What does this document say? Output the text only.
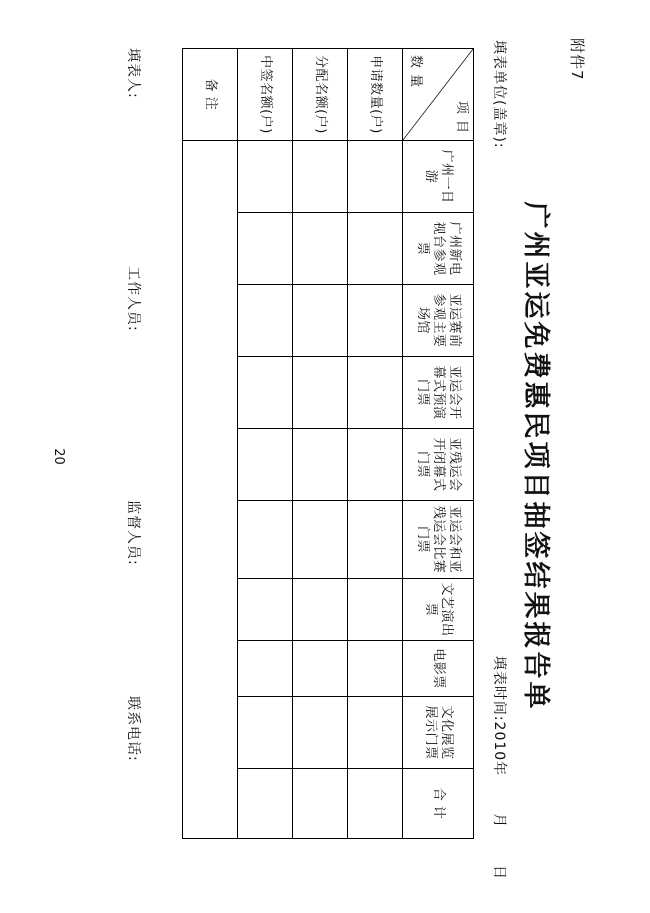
附件7
广州亚运免费惠民项目抽签结果报告单
填表单位(盖章):
填表时间:2010年  月  日
项 目
数 量	广州一日游	广州新电视台参观票	亚运赛前参观主要场馆	亚运会开幕式预演门票	亚残运会开闭幕式门票	亚运会和亚残运会比赛门票	文艺演出票	电影票	文化展览展示门票	合 计
申请数量(户)										
分配名额(户)										
中签名额(户)										
备 注										
填表人:
工作人员:
监督人员:
联系电话:
20
